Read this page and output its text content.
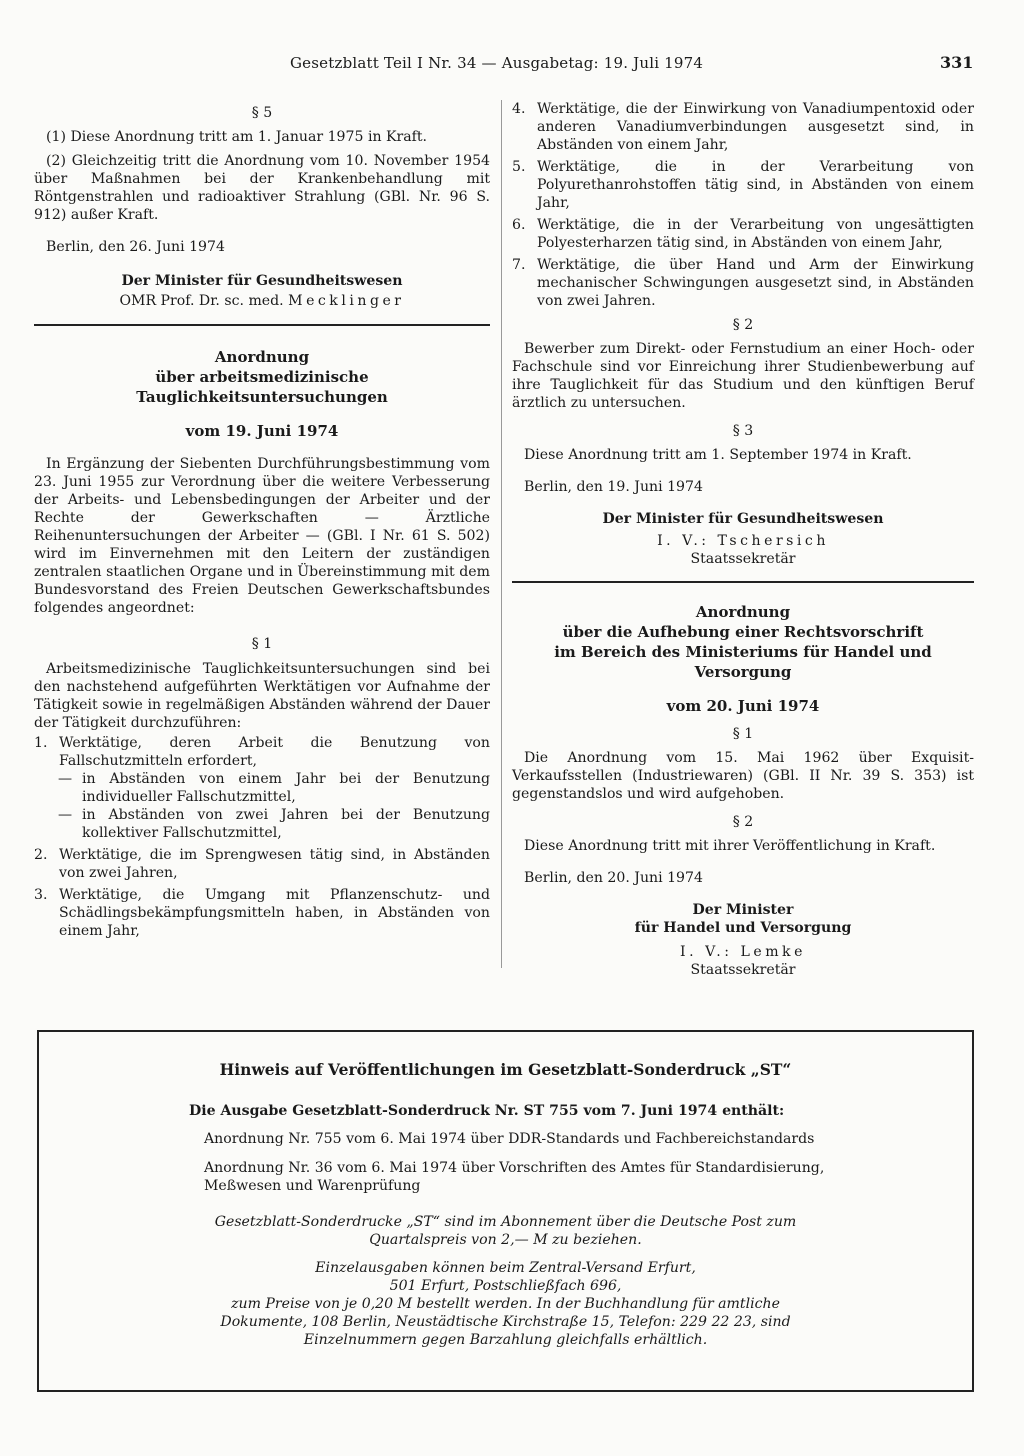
Gesetzblatt Teil I Nr. 34 — Ausgabetag: 19. Juli 1974	331

§ 5

(1) Diese Anordnung tritt am 1. Januar 1975 in Kraft.

(2) Gleichzeitig tritt die Anordnung vom 10. November 1954 über Maßnahmen bei der Krankenbehandlung mit Röntgenstrahlen und radioaktiver Strahlung (GBl. Nr. 96 S. 912) außer Kraft.

Berlin, den 26. Juni 1974

Der Minister für Gesundheitswesen

OMR Prof. Dr. sc. med. Mecklinger

Anordnung

über arbeitsmedizinische Tauglichkeitsuntersuchungen

vom 19. Juni 1974

In Ergänzung der Siebenten Durchführungsbestimmung vom 23. Juni 1955 zur Verordnung über die weitere Verbesserung der Arbeits- und Lebensbedingungen der Arbeiter und der Rechte der Gewerkschaften — Ärztliche Reihenuntersuchungen der Arbeiter — (GBl. I Nr. 61 S. 502) wird im Einvernehmen mit den Leitern der zuständigen zentralen staatlichen Organe und in Übereinstimmung mit dem Bundesvorstand des Freien Deutschen Gewerkschaftsbundes folgendes angeordnet:

§ 1

Arbeitsmedizinische Tauglichkeitsuntersuchungen sind bei den nachstehend aufgeführten Werktätigen vor Aufnahme der Tätigkeit sowie in regelmäßigen Abständen während der Dauer der Tätigkeit durchzuführen:

1. Werktätige, deren Arbeit die Benutzung von Fallschutzmitteln erfordert,
— in Abständen von einem Jahr bei der Benutzung individueller Fallschutzmittel,
— in Abständen von zwei Jahren bei der Benutzung kollektiver Fallschutzmittel,
2. Werktätige, die im Sprengwesen tätig sind, in Abständen von zwei Jahren,
3. Werktätige, die Umgang mit Pflanzenschutz- und Schädlingsbekämpfungsmitteln haben, in Abständen von einem Jahr,
4. Werktätige, die der Einwirkung von Vanadiumpentoxid oder anderen Vanadiumverbindungen ausgesetzt sind, in Abständen von einem Jahr,
5. Werktätige, die in der Verarbeitung von Polyurethanrohstoffen tätig sind, in Abständen von einem Jahr,
6. Werktätige, die in der Verarbeitung von ungesättigten Polyesterharzen tätig sind, in Abständen von einem Jahr,
7. Werktätige, die über Hand und Arm der Einwirkung mechanischer Schwingungen ausgesetzt sind, in Abständen von zwei Jahren.

§ 2

Bewerber zum Direkt- oder Fernstudium an einer Hoch- oder Fachschule sind vor Einreichung ihrer Studienbewerbung auf ihre Tauglichkeit für das Studium und den künftigen Beruf ärztlich zu untersuchen.

§ 3

Diese Anordnung tritt am 1. September 1974 in Kraft.

Berlin, den 19. Juni 1974

Der Minister für Gesundheitswesen

I. V.: Tschersich

Staatssekretär

Anordnung

über die Aufhebung einer Rechtsvorschrift

im Bereich des Ministeriums für Handel und Versorgung

vom 20. Juni 1974

§ 1

Die Anordnung vom 15. Mai 1962 über Exquisit-Verkaufsstellen (Industriewaren) (GBl. II Nr. 39 S. 353) ist gegenstandslos und wird aufgehoben.

§ 2

Diese Anordnung tritt mit ihrer Veröffentlichung in Kraft.

Berlin, den 20. Juni 1974

Der Minister

für Handel und Versorgung

I. V.: Lemke

Staatssekretär

Hinweis auf Veröffentlichungen im Gesetzblatt-Sonderdruck „ST“

Die Ausgabe Gesetzblatt-Sonderdruck Nr. ST 755 vom 7. Juni 1974 enthält:

Anordnung Nr. 755 vom 6. Mai 1974 über DDR-Standards und Fachbereichstandards

Anordnung Nr. 36 vom 6. Mai 1974 über Vorschriften des Amtes für Standardisierung,

Meßwesen und Warenprüfung

Gesetzblatt-Sonderdrucke „ST“ sind im Abonnement über die Deutsche Post zum

Quartalspreis von 2,— M zu beziehen.

Einzelausgaben können beim Zentral-Versand Erfurt,

501 Erfurt, Postschließfach 696,

zum Preise von je 0,20 M bestellt werden. In der Buchhandlung für amtliche

Dokumente, 108 Berlin, Neustädtische Kirchstraße 15, Telefon: 229 22 23, sind

Einzelnummern gegen Barzahlung gleichfalls erhältlich.
